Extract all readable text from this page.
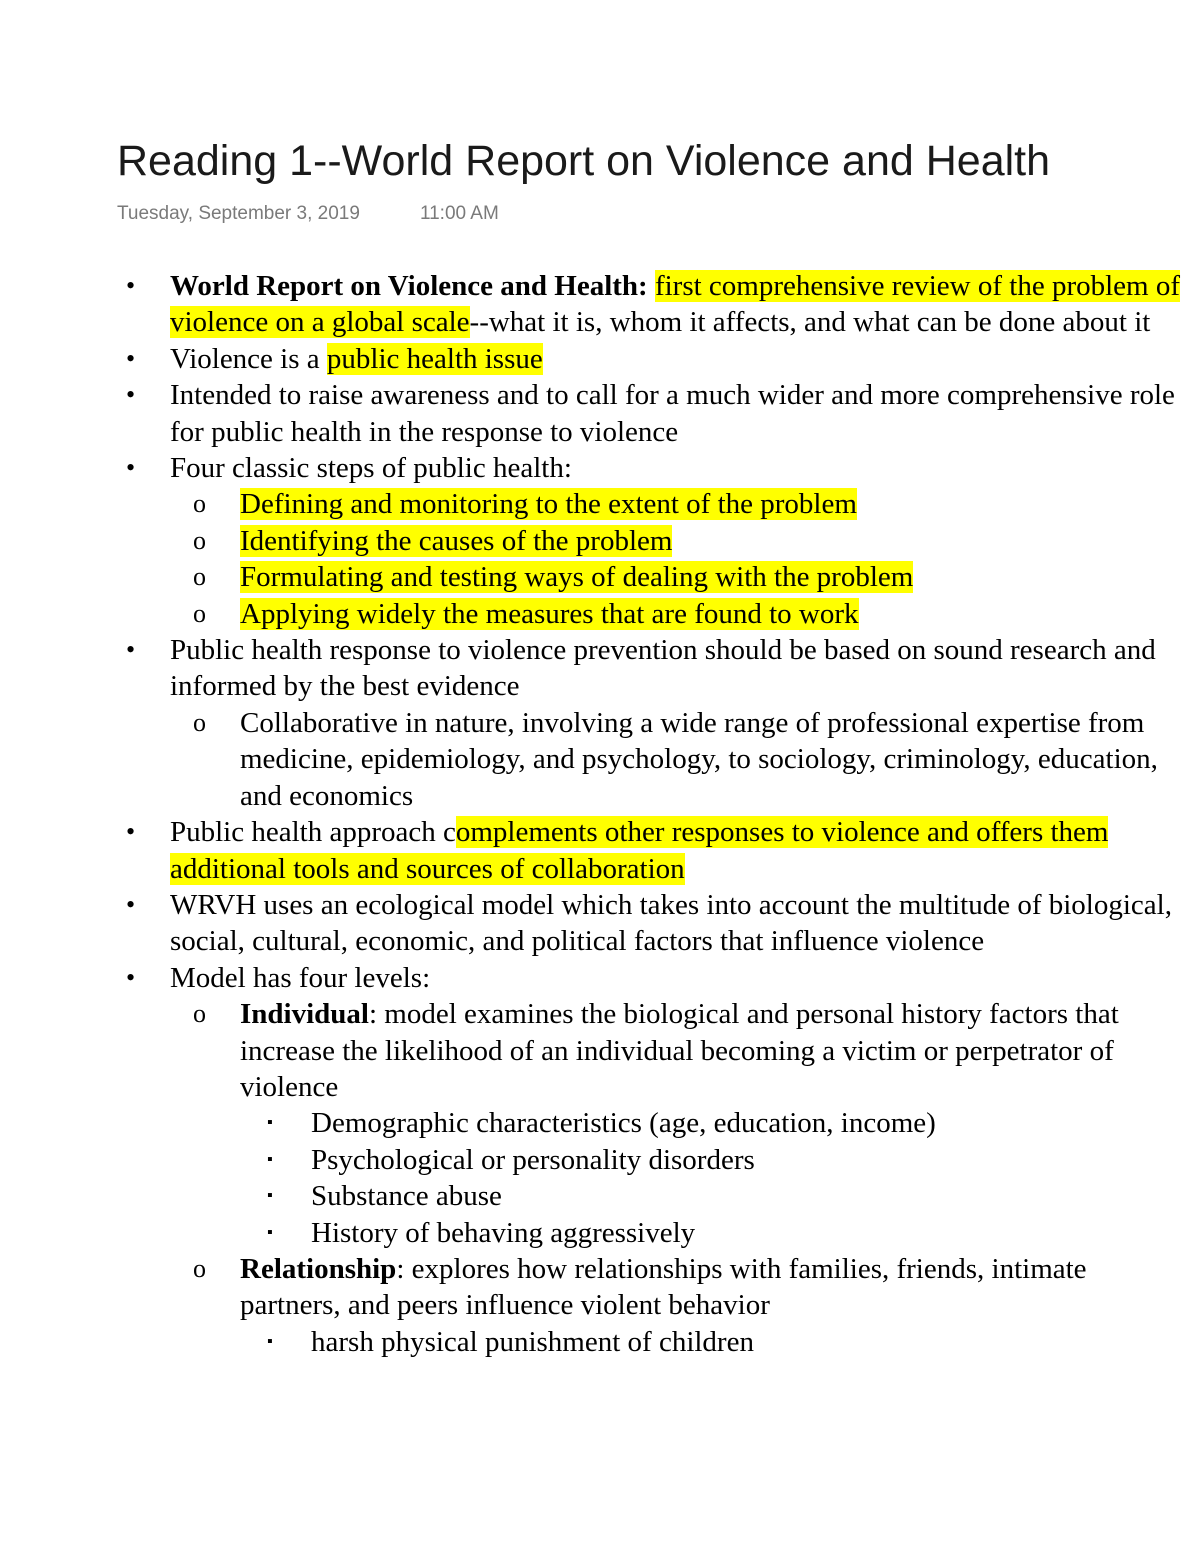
Reading 1--World Report on Violence and Health
Tuesday, September 3, 2019	11:00 AM
• World Report on Violence and Health: first comprehensive review of the problem of violence on a global scale--what it is, whom it affects, and what can be done about it
• Violence is a public health issue
• Intended to raise awareness and to call for a much wider and more comprehensive role for public health in the response to violence
• Four classic steps of public health:
o Defining and monitoring to the extent of the problem
o Identifying the causes of the problem
o Formulating and testing ways of dealing with the problem
o Applying widely the measures that are found to work
• Public health response to violence prevention should be based on sound research and informed by the best evidence
o Collaborative in nature, involving a wide range of professional expertise from medicine, epidemiology, and psychology, to sociology, criminology, education, and economics
• Public health approach complements other responses to violence and offers them additional tools and sources of collaboration
• WRVH uses an ecological model which takes into account the multitude of biological, social, cultural, economic, and political factors that influence violence
• Model has four levels:
o Individual: model examines the biological and personal history factors that increase the likelihood of an individual becoming a victim or perpetrator of violence
▪ Demographic characteristics (age, education, income)
▪ Psychological or personality disorders
▪ Substance abuse
▪ History of behaving aggressively
o Relationship: explores how relationships with families, friends, intimate partners, and peers influence violent behavior
▪ harsh physical punishment of children
